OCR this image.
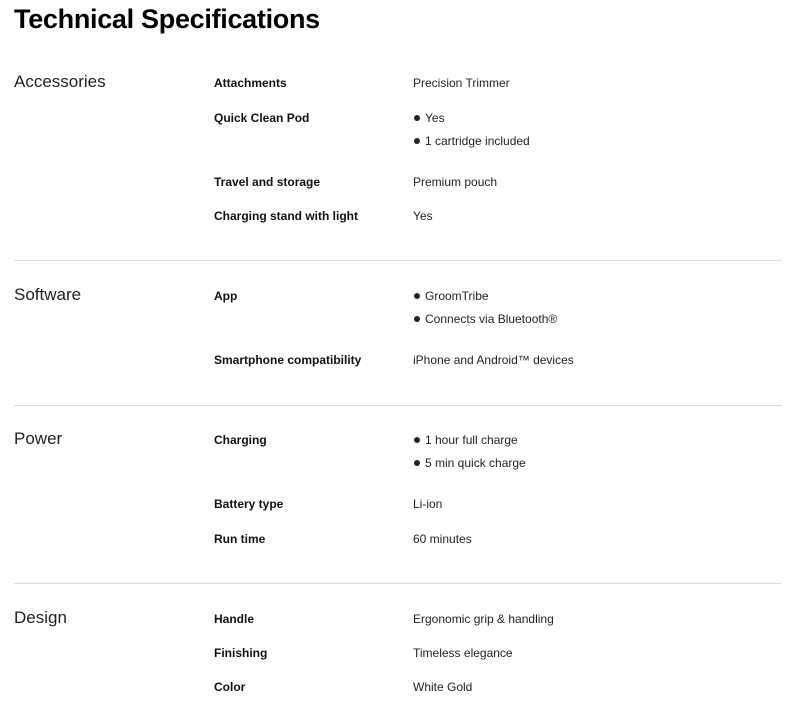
Technical Specifications
Accessories	Attachments	Precision Trimmer
Quick Clean Pod	Yes
1 cartridge included
Travel and storage	Premium pouch
Charging stand with light	Yes
Software	App	GroomTribe
Connects via Bluetooth®
Smartphone compatibility	iPhone and Android™ devices
Power	Charging	1 hour full charge
5 min quick charge
Battery type	Li-ion
Run time	60 minutes
Design	Handle	Ergonomic grip & handling
Finishing	Timeless elegance
Color	White Gold
